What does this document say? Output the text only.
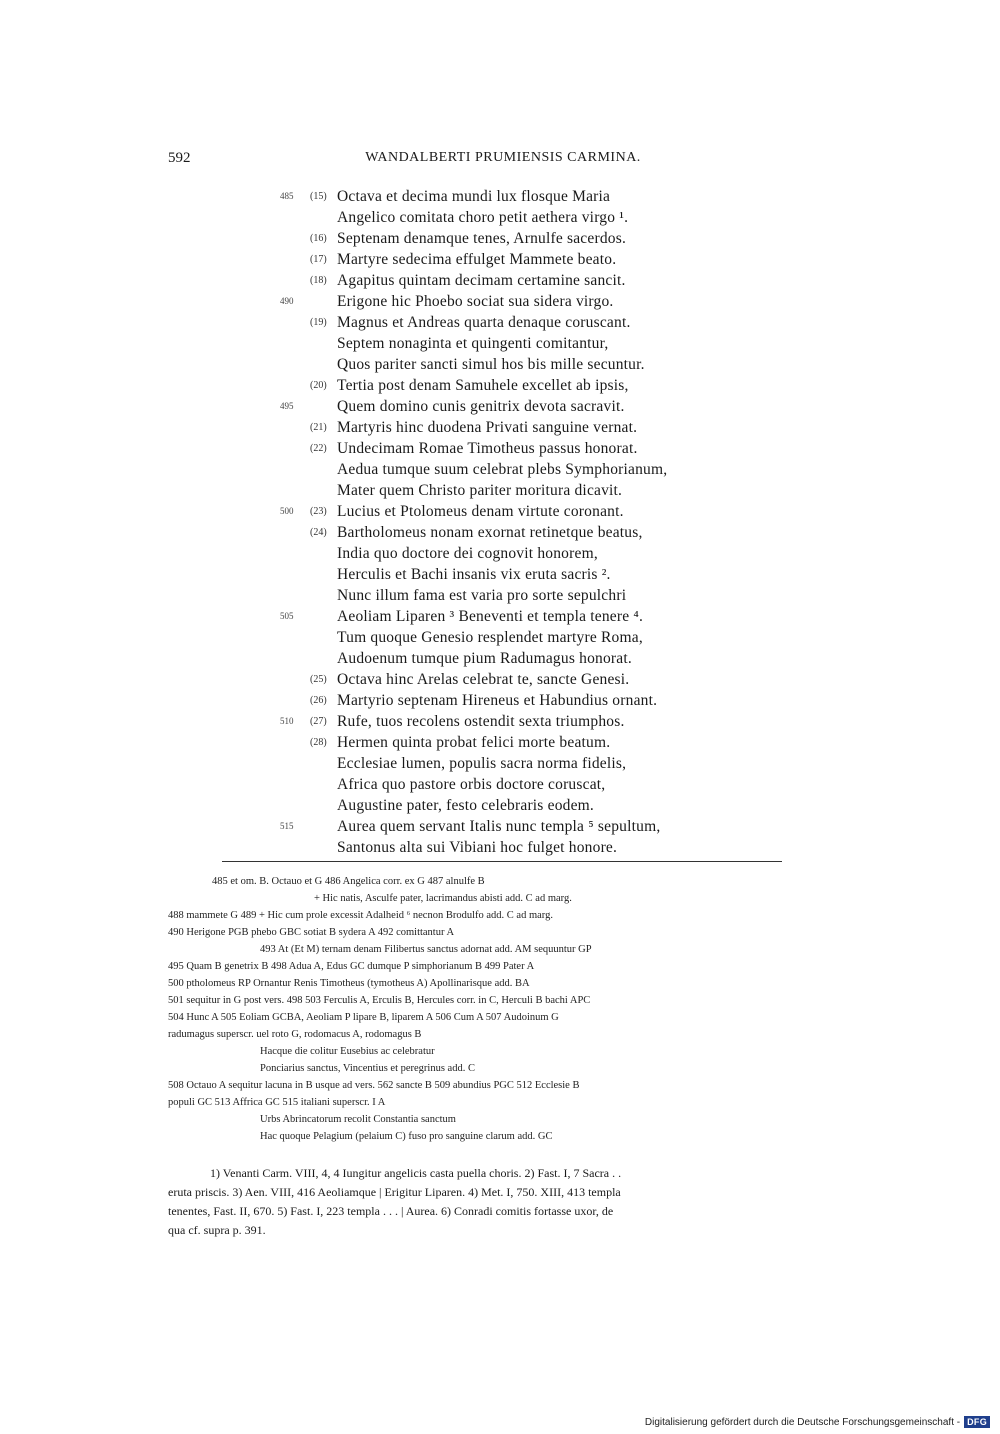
592	WANDALBERTI PRUMIENSIS CARMINA.
485 (15) Octava et decima mundi lux flosque Maria
Angelico comitata choro petit aethera virgo ¹.
(16) Septenam denamque tenes, Arnulfe sacerdos.
(17) Martyre sedecima effulget Mammete beato.
(18) Agapitus quintam decimam certamine sancit.
490	Erigone hic Phoebo sociat sua sidera virgo.
(19) Magnus et Andreas quarta denaque coruscant.
Septem nonaginta et quingenti comitantur,
Quos pariter sancti simul hos bis mille secuntur.
(20) Tertia post denam Samuhele excellet ab ipsis,
495	Quem domino cunis genitrix devota sacravit.
(21) Martyris hinc duodena Privati sanguine vernat.
(22) Undecimam Romae Timotheus passus honorat.
Aedua tumque suum celebrat plebs Symphorianum,
Mater quem Christo pariter moritura dicavit.
500 (23) Lucius et Ptolomeus denam virtute coronant.
(24) Bartholomeus nonam exornat retinetque beatus,
India quo doctore dei cognovit honorem,
Herculis et Bachi insanis vix eruta sacris ².
Nunc illum fama est varia pro sorte sepulchri
505	Aeoliam Liparen ³ Beneventi et templa tenere ⁴.
Tum quoque Genesio resplendet martyre Roma,
Audoenum tumque pium Radumagus honorat.
(25) Octava hinc Arelas celebrat te, sancte Genesi.
(26) Martyrio septenam Hireneus et Habundius ornant.
510 (27) Rufe, tuos recolens ostendit sexta triumphos.
(28) Hermen quinta probat felici morte beatum.
Ecclesiae lumen, populis sacra norma fidelis,
Africa quo pastore orbis doctore coruscat,
Augustine pater, festo celebraris eodem.
515	Aurea quem servant Italis nunc templa ⁵ sepultum,
Santonus alta sui Vibiani hoc fulget honore.
485 et om. B. Octauo et G 486 Angelica corr. ex G 487 alnulfe B
+ Hic natis, Asculfe pater, lacrimandus abisti add. C ad marg.
488 mammete G 489 + Hic cum prole excessit Adalheid ⁶ necnon Brodulfo add. C ad marg.
490 Herigone PGB phebo GBC sotiat B sydera A 492 comittantur A
493 At (Et M) ternam denam Filibertus sanctus adornat add. AM sequuntur GP
495 Quam B genetrix B 498 Adua A, Edus GC dumque P simphorianum B 499 Pater A
500 ptholomeus RP Ornantur Renis Timotheus (tymotheus A) Apollinarisque add. BA
501 sequitur in G post vers. 498 503 Ferculis A, Erculis B, Hercules corr. in C, Herculi B bachi APC
504 Hunc A 505 Eoliam GCBA, Aeoliam P lipare B, liparem A 506 Cum A 507 Audoinum G
radumagus superscr. uel roto G, rodomacus A, rodomagus B
Hacque die colitur Eusebius ac celebratur
Ponciarius sanctus, Vincentius et peregrinus add. C
508 Octauo A sequitur lacuna in B usque ad vers. 562 sancte B 509 abundius PGC 512 Ecclesie B
populi GC 513 Affrica GC 515 italiani superscr. I A
Urbs Abrincatorum recolit Constantia sanctum
Hac quoque Pelagium (pelaium C) fuso pro sanguine clarum add. GC
1) Venanti Carm. VIII, 4, 4 Iungitur angelicis casta puella choris. 2) Fast. I, 7 Sacra . .
eruta priscis. 3) Aen. VIII, 416 Aeoliamque | Erigitur Liparen. 4) Met. I, 750. XIII, 413 templa
tenentes, Fast. II, 670. 5) Fast. I, 223 templa . . . | Aurea. 6) Conradi comitis fortasse uxor, de
qua cf. supra p. 391.
Digitalisierung gefördert durch die Deutsche Forschungsgemeinschaft - DFG
